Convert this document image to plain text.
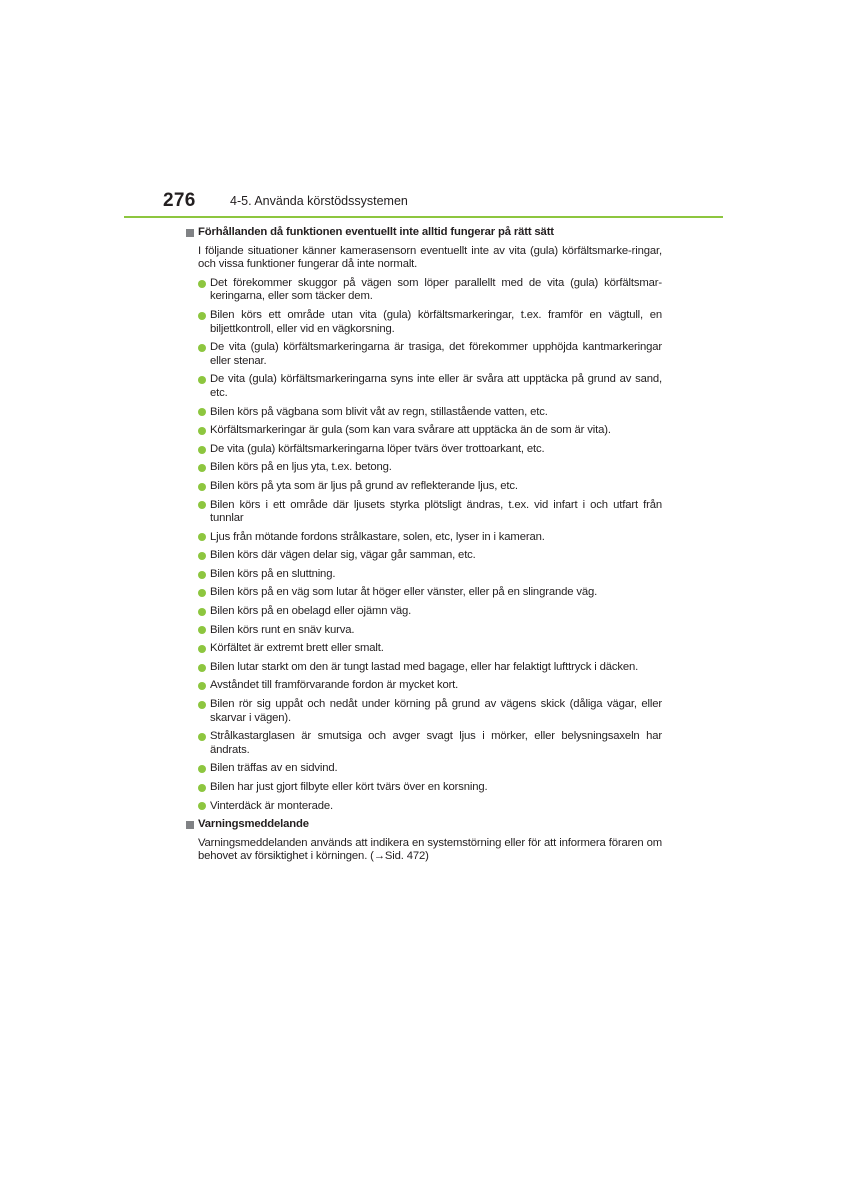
276	4-5. Använda körstödssystemen
Förhållanden då funktionen eventuellt inte alltid fungerar på rätt sätt
I följande situationer känner kamerasensorn eventuellt inte av vita (gula) körfältsmarke-ringar, och vissa funktioner fungerar då inte normalt.
Det förekommer skuggor på vägen som löper parallellt med de vita (gula) körfältsmar-keringarna, eller som täcker dem.
Bilen körs ett område utan vita (gula) körfältsmarkeringar, t.ex. framför en vägtull, en biljettkontroll, eller vid en vägkorsning.
De vita (gula) körfältsmarkeringarna är trasiga, det förekommer upphöjda kantmarkeringar eller stenar.
De vita (gula) körfältsmarkeringarna syns inte eller är svåra att upptäcka på grund av sand, etc.
Bilen körs på vägbana som blivit våt av regn, stillastående vatten, etc.
Körfältsmarkeringar är gula (som kan vara svårare att upptäcka än de som är vita).
De vita (gula) körfältsmarkeringarna löper tvärs över trottoarkant, etc.
Bilen körs på en ljus yta, t.ex. betong.
Bilen körs på yta som är ljus på grund av reflekterande ljus, etc.
Bilen körs i ett område där ljusets styrka plötsligt ändras, t.ex. vid infart i och utfart från tunnlar
Ljus från mötande fordons strålkastare, solen, etc, lyser in i kameran.
Bilen körs där vägen delar sig, vägar går samman, etc.
Bilen körs på en sluttning.
Bilen körs på en väg som lutar åt höger eller vänster, eller på en slingrande väg.
Bilen körs på en obelagd eller ojämn väg.
Bilen körs runt en snäv kurva.
Körfältet är extremt brett eller smalt.
Bilen lutar starkt om den är tungt lastad med bagage, eller har felaktigt lufttryck i däcken.
Avståndet till framförvarande fordon är mycket kort.
Bilen rör sig uppåt och nedåt under körning på grund av vägens skick (dåliga vägar, eller skarvar i vägen).
Strålkastarglasen är smutsiga och avger svagt ljus i mörker, eller belysningsaxeln har ändrats.
Bilen träffas av en sidvind.
Bilen har just gjort filbyte eller kört tvärs över en korsning.
Vinterdäck är monterade.
Varningsmeddelande
Varningsmeddelanden används att indikera en systemstörning eller för att informera föraren om behovet av försiktighet i körningen. (→Sid. 472)
